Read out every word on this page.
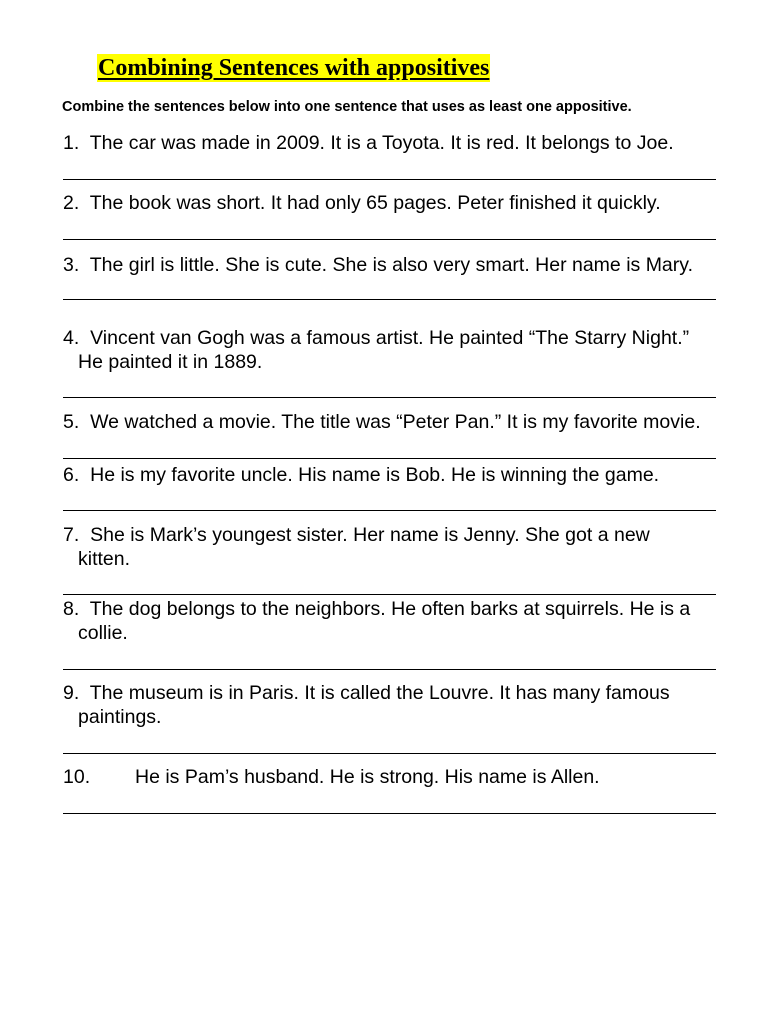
Combining Sentences with appositives

Combine the sentences below into one sentence that uses as least one appositive.

1. The car was made in 2009. It is a Toyota. It is red. It belongs to Joe.
2. The book was short. It had only 65 pages. Peter finished it quickly.
3. The girl is little. She is cute. She is also very smart. Her name is Mary.
4. Vincent van Gogh was a famous artist. He painted “The Starry Night.”
He painted it in 1889.
5. We watched a movie. The title was “Peter Pan.” It is my favorite movie.
6. He is my favorite uncle. His name is Bob. He is winning the game.
7. She is Mark’s youngest sister. Her name is Jenny. She got a new
kitten.
8. The dog belongs to the neighbors. He often barks at squirrels. He is a
collie.
9. The museum is in Paris. It is called the Louvre. It has many famous
paintings.
10. He is Pam’s husband. He is strong. His name is Allen.
